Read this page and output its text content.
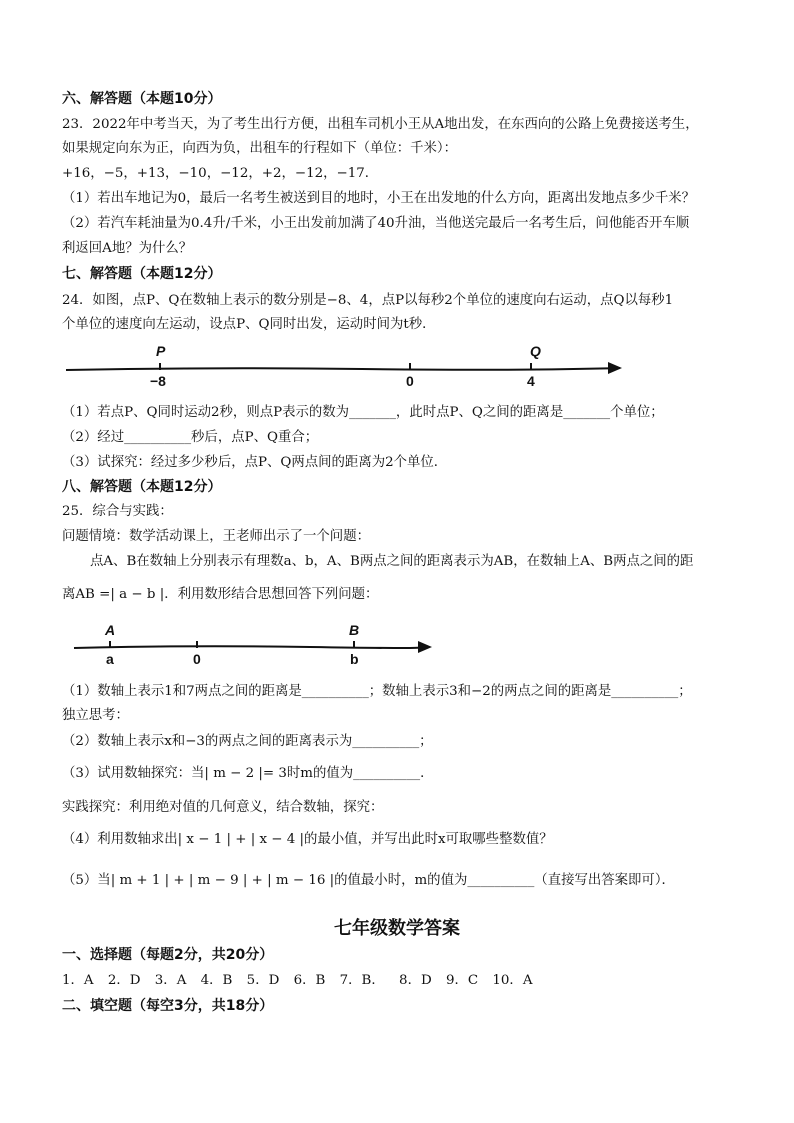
六、解答题（本题10分）
23．2022年中考当天，为了考生出行方便，出租车司机小王从A地出发，在东西向的公路上免费接送考生，
如果规定向东为正，向西为负，出租车的行程如下（单位：千米）：
+16，−5，+13，−10，−12，+2，−12，−17．
（1）若出车地记为0，最后一名考生被送到目的地时，小王在出发地的什么方向，距离出发地点多少千米？
（2）若汽车耗油量为0.4升/千米，小王出发前加满了40升油，当他送完最后一名考生后，问他能否开车顺
利返回A地？为什么？
七、解答题（本题12分）
24．如图，点P、Q在数轴上表示的数分别是−8、4，点P以每秒2个单位的速度向右运动，点Q以每秒1
个单位的速度向左运动，设点P、Q同时出发，运动时间为t秒．
P	Q
−8	0	4
（1）若点P、Q同时运动2秒，则点P表示的数为_______，此时点P、Q之间的距离是_______个单位；
（2）经过__________秒后，点P、Q重合；
（3）试探究：经过多少秒后，点P、Q两点间的距离为2个单位．
八、解答题（本题12分）
25．综合与实践：
问题情境：数学活动课上，王老师出示了一个问题：
点A、B在数轴上分别表示有理数a、b，A、B两点之间的距离表示为AB，在数轴上A、B两点之间的距
离AB =| a − b |．利用数形结合思想回答下列问题：
A	B
a	0	b
（1）数轴上表示1和7两点之间的距离是__________；数轴上表示3和−2的两点之间的距离是__________；
独立思考：
（2）数轴上表示x和−3的两点之间的距离表示为__________；
（3）试用数轴探究：当| m − 2 |= 3时m的值为__________．
实践探究：利用绝对值的几何意义，结合数轴，探究：
（4）利用数轴求出| x − 1 | + | x − 4 |的最小值，并写出此时x可取哪些整数值？
（5）当| m + 1 | + | m − 9 | + | m − 16 |的值最小时，m的值为__________（直接写出答案即可）．
七年级数学答案
一、选择题（每题2分，共20分）
1．A 2．D 3．A 4．B 5．D 6．B 7．B． 8．D 9．C 10．A
二、填空题（每空3分，共18分）
